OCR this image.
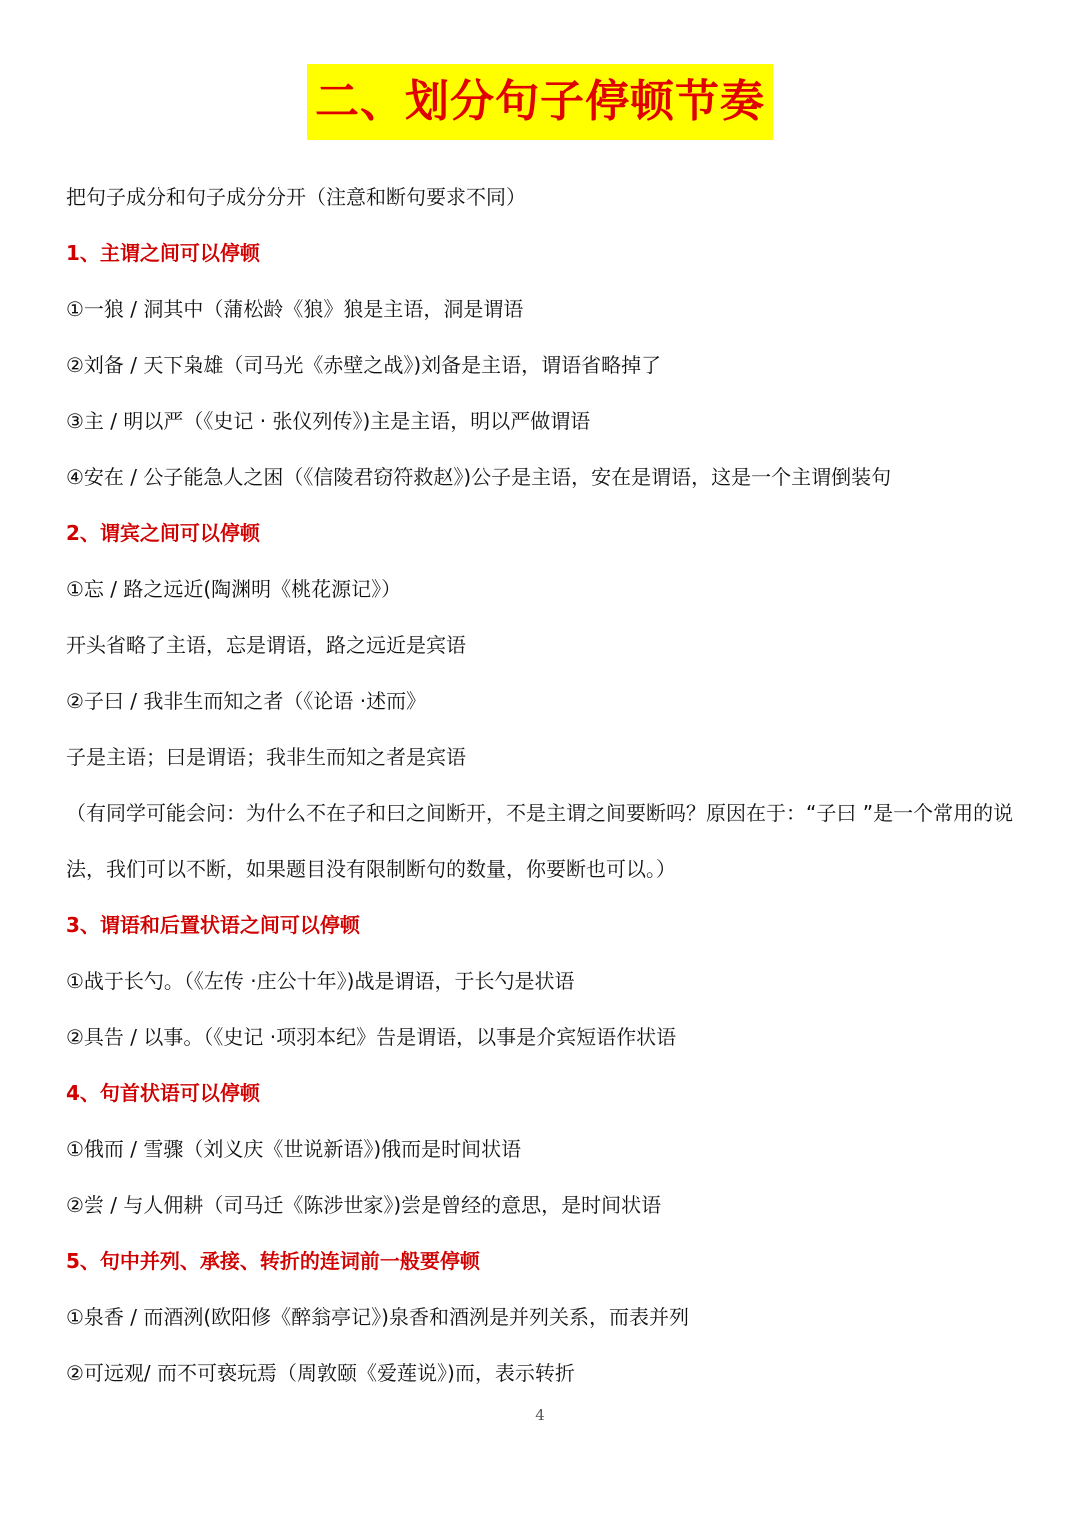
二、划分句子停顿节奏
把句子成分和句子成分分开（注意和断句要求不同）
1、主谓之间可以停顿
①一狼 / 洞其中（蒲松龄《狼》狼是主语，洞是谓语
②刘备 / 天下枭雄（司马光《赤壁之战》)刘备是主语，谓语省略掉了
③主 / 明以严（《史记 · 张仪列传》)主是主语，明以严做谓语
④安在 / 公子能急人之困（《信陵君窃符救赵》)公子是主语，安在是谓语，这是一个主谓倒装句
2、谓宾之间可以停顿
①忘 / 路之远近(陶渊明《桃花源记》）
开头省略了主语，忘是谓语，路之远近是宾语
②子曰 / 我非生而知之者（《论语 ·述而》
子是主语；曰是谓语；我非生而知之者是宾语
（有同学可能会问：为什么不在子和曰之间断开，不是主谓之间要断吗？原因在于：“子曰 ”是一个常用的说法，我们可以不断，如果题目没有限制断句的数量，你要断也可以。）
3、谓语和后置状语之间可以停顿
①战于长勺。（《左传 ·庄公十年》)战是谓语，于长勺是状语
②具告 / 以事。（《史记 ·项羽本纪》告是谓语，以事是介宾短语作状语
4、句首状语可以停顿
①俄而 / 雪骤（刘义庆《世说新语》)俄而是时间状语
②尝 / 与人佣耕（司马迁《陈涉世家》)尝是曾经的意思，是时间状语
5、句中并列、承接、转折的连词前一般要停顿
①泉香 / 而酒洌(欧阳修《醉翁亭记》)泉香和酒洌是并列关系，而表并列
②可远观/ 而不可亵玩焉（周敦颐《爱莲说》)而，表示转折
4
